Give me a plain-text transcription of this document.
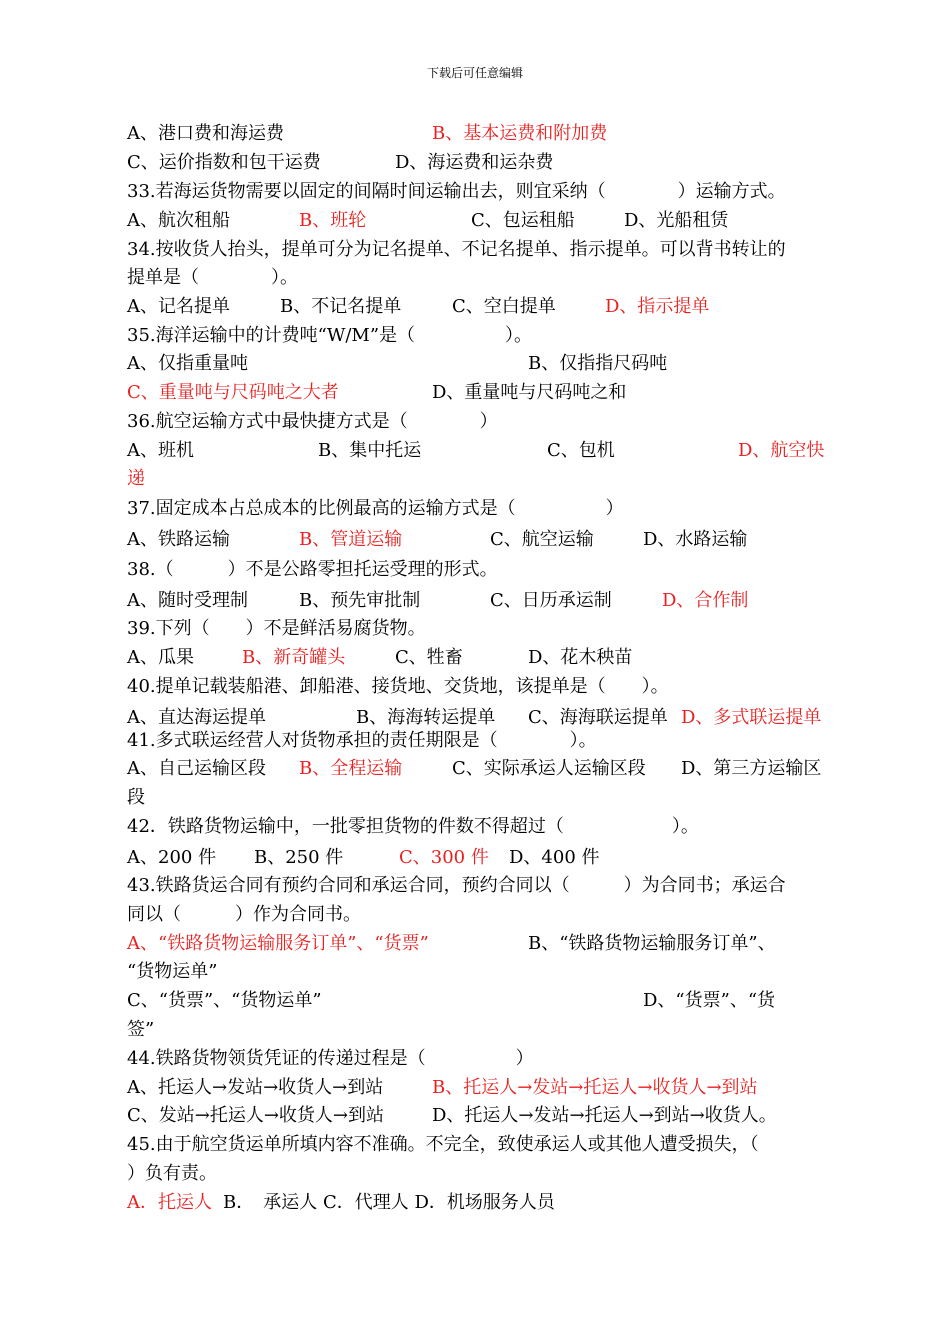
下载后可任意编辑
A、港口费和海运费	B、基本运费和附加费
C、运价指数和包干运费	D、海运费和运杂费
33.若海运货物需要以固定的间隔时间运输出去，则宜采纳（　　　　）运输方式。
A、航次租船	B、班轮	C、包运租船	D、光船租赁
34.按收货人抬头，提单可分为记名提单、不记名提单、指示提单。可以背书转让的
提单是（　　　　）。
A、记名提单	B、不记名提单	C、空白提单	D、指示提单
35.海洋运输中的计费吨“W/M”是（　　　　　）。
A、仅指重量吨	B、仅指指尺码吨
C、重量吨与尺码吨之大者	D、重量吨与尺码吨之和
36.航空运输方式中最快捷方式是（　　　　）
A、班机	B、集中托运	C、包机	D、航空快
递
37.固定成本占总成本的比例最高的运输方式是（　　　　　）
A、铁路运输	B、管道运输	C、航空运输	D、水路运输
38.（　　　）不是公路零担托运受理的形式。
A、随时受理制	B、预先审批制	C、日历承运制	D、合作制
39.下列（　　）不是鲜活易腐货物。
A、瓜果	B、新奇罐头	C、牲畜	D、花木秧苗
40.提单记载装船港、卸船港、接货地、交货地，该提单是（　　）。
A、直达海运提单	B、海海转运提单 C、海海联运提单 D、多式联运提单
41.多式联运经营人对货物承担的责任期限是（　　　　）。
A、自己运输区段 B、全程运输	C、实际承运人运输区段 D、第三方运输区
段
42．铁路货物运输中，一批零担货物的件数不得超过（　　　　　　）。
A、200 件 B、250 件	C、300 件 D、400 件
43.铁路货运合同有预约合同和承运合同，预约合同以（　　　）为合同书；承运合
同以（　　　）作为合同书。
A、“铁路货物运输服务订单”、“货票”	B、“铁路货物运输服务订单”、
“货物运单”
C、“货票”、“货物运单”	D、“货票”、“货
签”
44.铁路货物领货凭证的传递过程是（　　　　　）
A、托运人→发站→收货人→到站	B、托运人→发站→托运人→收货人→到站
C、发站→托运人→收货人→到站	D、托运人→发站→托运人→到站→收货人。
45.由于航空货运单所填内容不准确。不完全，致使承运人或其他人遭受损失，（
）负有责。
A．托运人 B．　承运人 C．代理人 D．机场服务人员
